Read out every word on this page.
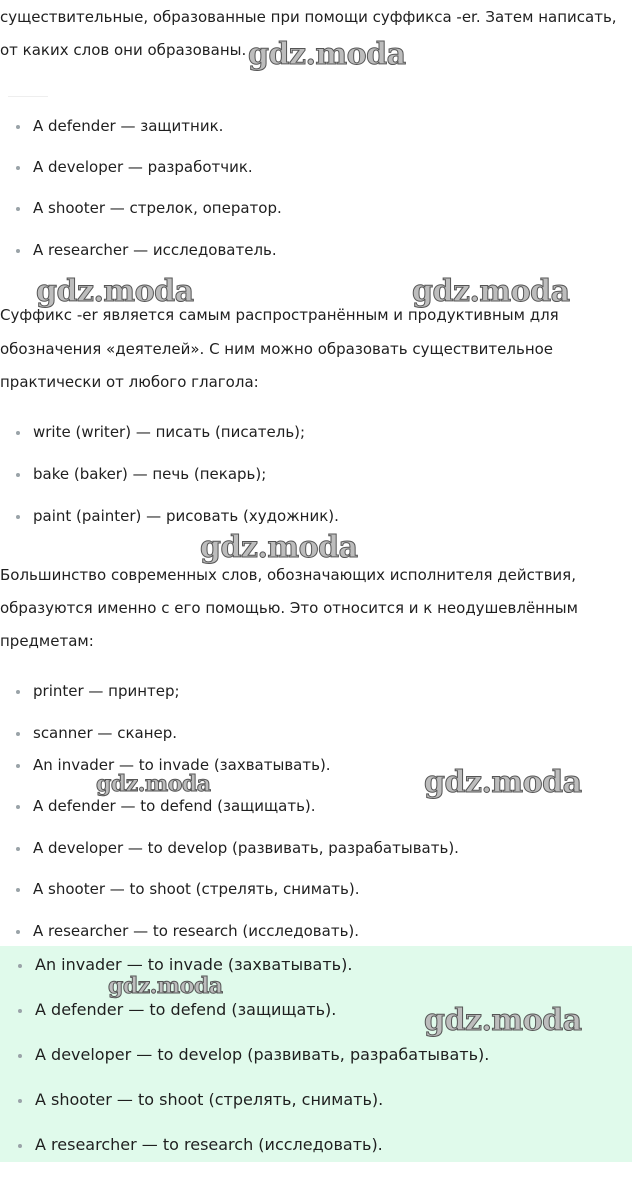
существительные, образованные при помощи суффикса -er. Затем написать,
от каких слов они образованы.
A defender — защитник.
A developer — разработчик.
A shooter — стрелок, оператор.
A researcher — исследователь.
Суффикс -er является самым распространённым и продуктивным для
обозначения «деятелей». С ним можно образовать существительное
практически от любого глагола:
write (writer) — писать (писатель);
bake (baker) — печь (пекарь);
paint (painter) — рисовать (художник).
Большинство современных слов, обозначающих исполнителя действия,
образуются именно с его помощью. Это относится и к неодушевлённым
предметам:
printer — принтер;
scanner — сканер.
An invader — to invade (захватывать).
A defender — to defend (защищать).
A developer — to develop (развивать, разрабатывать).
A shooter — to shoot (стрелять, снимать).
A researcher — to research (исследовать).
An invader — to invade (захватывать).
A defender — to defend (защищать).
A developer — to develop (развивать, разрабатывать).
A shooter — to shoot (стрелять, снимать).
A researcher — to research (исследовать).
gdz.moda
gdz.moda	gdz.moda
gdz.moda
gdz.moda	gdz.moda
gdz.moda
gdz.moda
